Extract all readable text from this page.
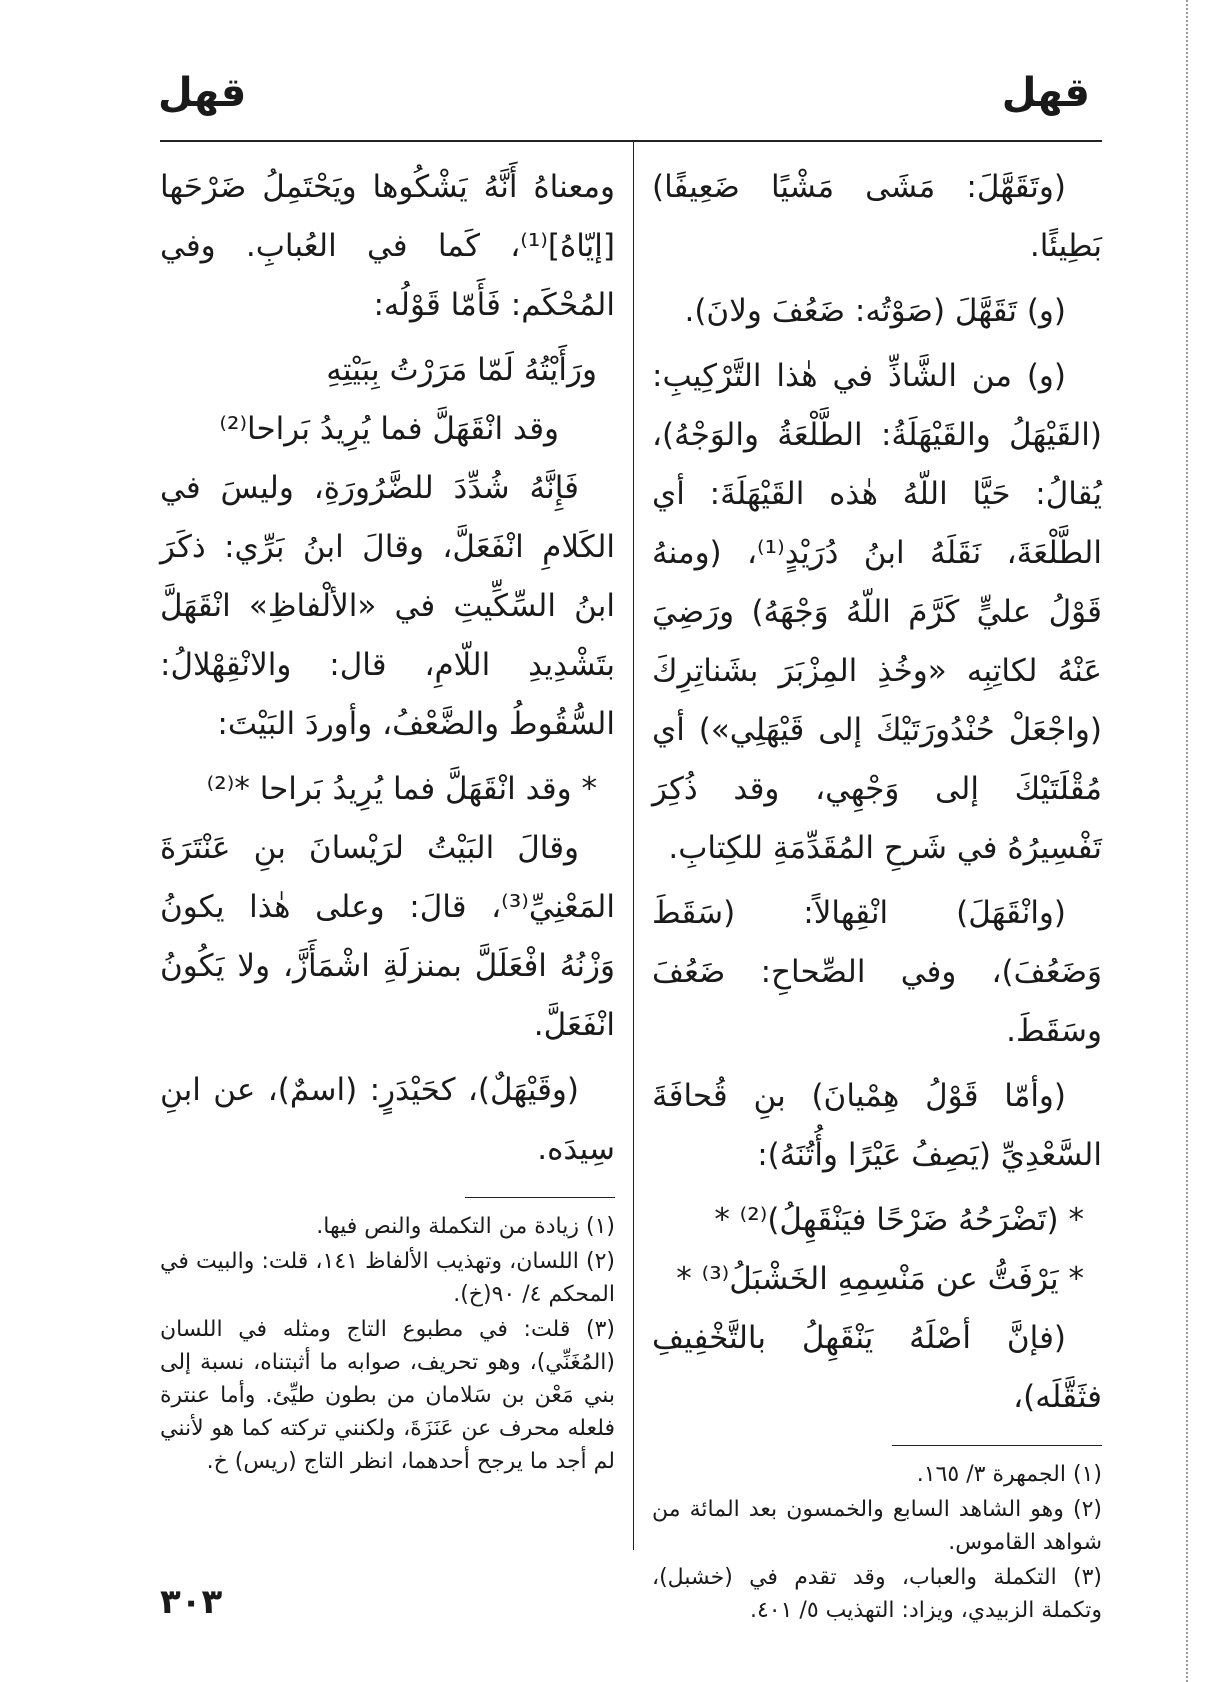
قهل	قهل

(وتَقَهَّلَ: مَشَى مَشْيًا ضَعِيفًا) بَطِيئًا.

(و) تَقَهَّلَ (صَوْتُه: ضَعُفَ ولانَ).

(و) من الشَّاذِّ في هٰذا التَّرْكِيبِ: (القَيْهَلُ والقَيْهَلَةُ: الطَّلْعَةُ والوَجْهُ)، يُقالُ: حَيَّا اللّهُ هٰذه القَيْهَلَةَ: أي الطَّلْعَةَ، نَقَلَهُ ابنُ دُرَيْدٍ⁽¹⁾، (ومنهُ قَوْلُ عليٍّ كَرَّمَ اللّهُ وَجْهَهُ) ورَضِيَ عَنْهُ لكاتِبِه «وخُذِ المِزْبَرَ بشَناتِرِكَ (واجْعَلْ حُنْدُورَتَيْكَ إلى قَيْهَلِي») أي مُقْلَتَيْكَ إلى وَجْهِي، وقد ذُكِرَ تَفْسِيرُهُ في شَرحِ المُقَدِّمَةِ للكِتابِ.

(وانْقَهَلَ) انْقِهالاً: (سَقَطَ وَضَعُفَ)، وفي الصِّحاحِ: ضَعُفَ وسَقَطَ.

(وأمّا قَوْلُ هِمْيانَ) بنِ قُحافَةَ السَّعْدِيِّ (يَصِفُ عَيْرًا وأُتُنَهُ):

* (تَضْرَحُهُ ضَرْحًا فيَنْقَهِلُ)⁽²⁾ *

* يَرْفَتُّ عن مَنْسِمِهِ الخَشْبَلُ⁽³⁾ *

(فإنَّ أصْلَهُ يَنْقَهِلُ بالتَّخْفِيفِ فثَقَّلَه)،

(١) الجمهرة ٣/ ١٦٥.

(٢) وهو الشاهد السابع والخمسون بعد المائة من شواهد القاموس.

(٣) التكملة والعباب، وقد تقدم في (خشبل)، وتكملة الزبيدي، ويزاد: التهذيب ٥/ ٤٠١.

ومعناهُ أَنَّهُ يَشْكُوها ويَحْتَمِلُ ضَرْحَها [إيّاهُ]⁽¹⁾، كَما في العُبابِ. وفي المُحْكَم: فَأَمّا قَوْلُه:

ورَأَيْتُهُ لَمّا مَرَرْتُ بِبَيْتِهِ

وقد انْقَهَلَّ فما يُرِيدُ بَراحا⁽²⁾

فَإِنَّهُ شُدِّدَ للضَّرُورَةِ، وليسَ في الكَلامِ انْفَعَلَّ، وقالَ ابنُ بَرِّي: ذكَرَ ابنُ السِّكِّيتِ في «الألْفاظِ» انْقَهَلَّ بتَشْدِيدِ اللّامِ، قال: والانْقِهْلالُ: السُّقُوطُ والضَّعْفُ، وأوردَ البَيْتَ:

* وقد انْقَهَلَّ فما يُرِيدُ بَراحا *⁽²⁾

وقالَ البَيْتُ لرَيْسانَ بنِ عَنْتَرَةَ المَعْنِيِّ⁽³⁾، قالَ: وعلى هٰذا يكونُ وَزْنُهُ افْعَلَلَّ بمنزلَةِ اشْمَأَزَّ، ولا يَكُونُ انْفَعَلَّ.

(وقَيْهَلٌ)، كحَيْدَرٍ: (اسمٌ)، عن ابنِ سِيدَه.

(١) زيادة من التكملة والنص فيها.

(٢) اللسان، وتهذيب الألفاظ ١٤١، قلت: والبيت في المحكم ٤/ ٩٠(خ).

(٣) قلت: في مطبوع التاج ومثله في اللسان (المُغَنِّي)، وهو تحريف، صوابه ما أثبتناه، نسبة إلى بني مَعْن بن سَلامان من بطون طيِّئ. وأما عنترة فلعله محرف عن عَنَزَةَ، ولكنني تركته كما هو لأنني لم أجد ما يرجح أحدهما، انظر التاج (ريس) خ.

٣٠٣
